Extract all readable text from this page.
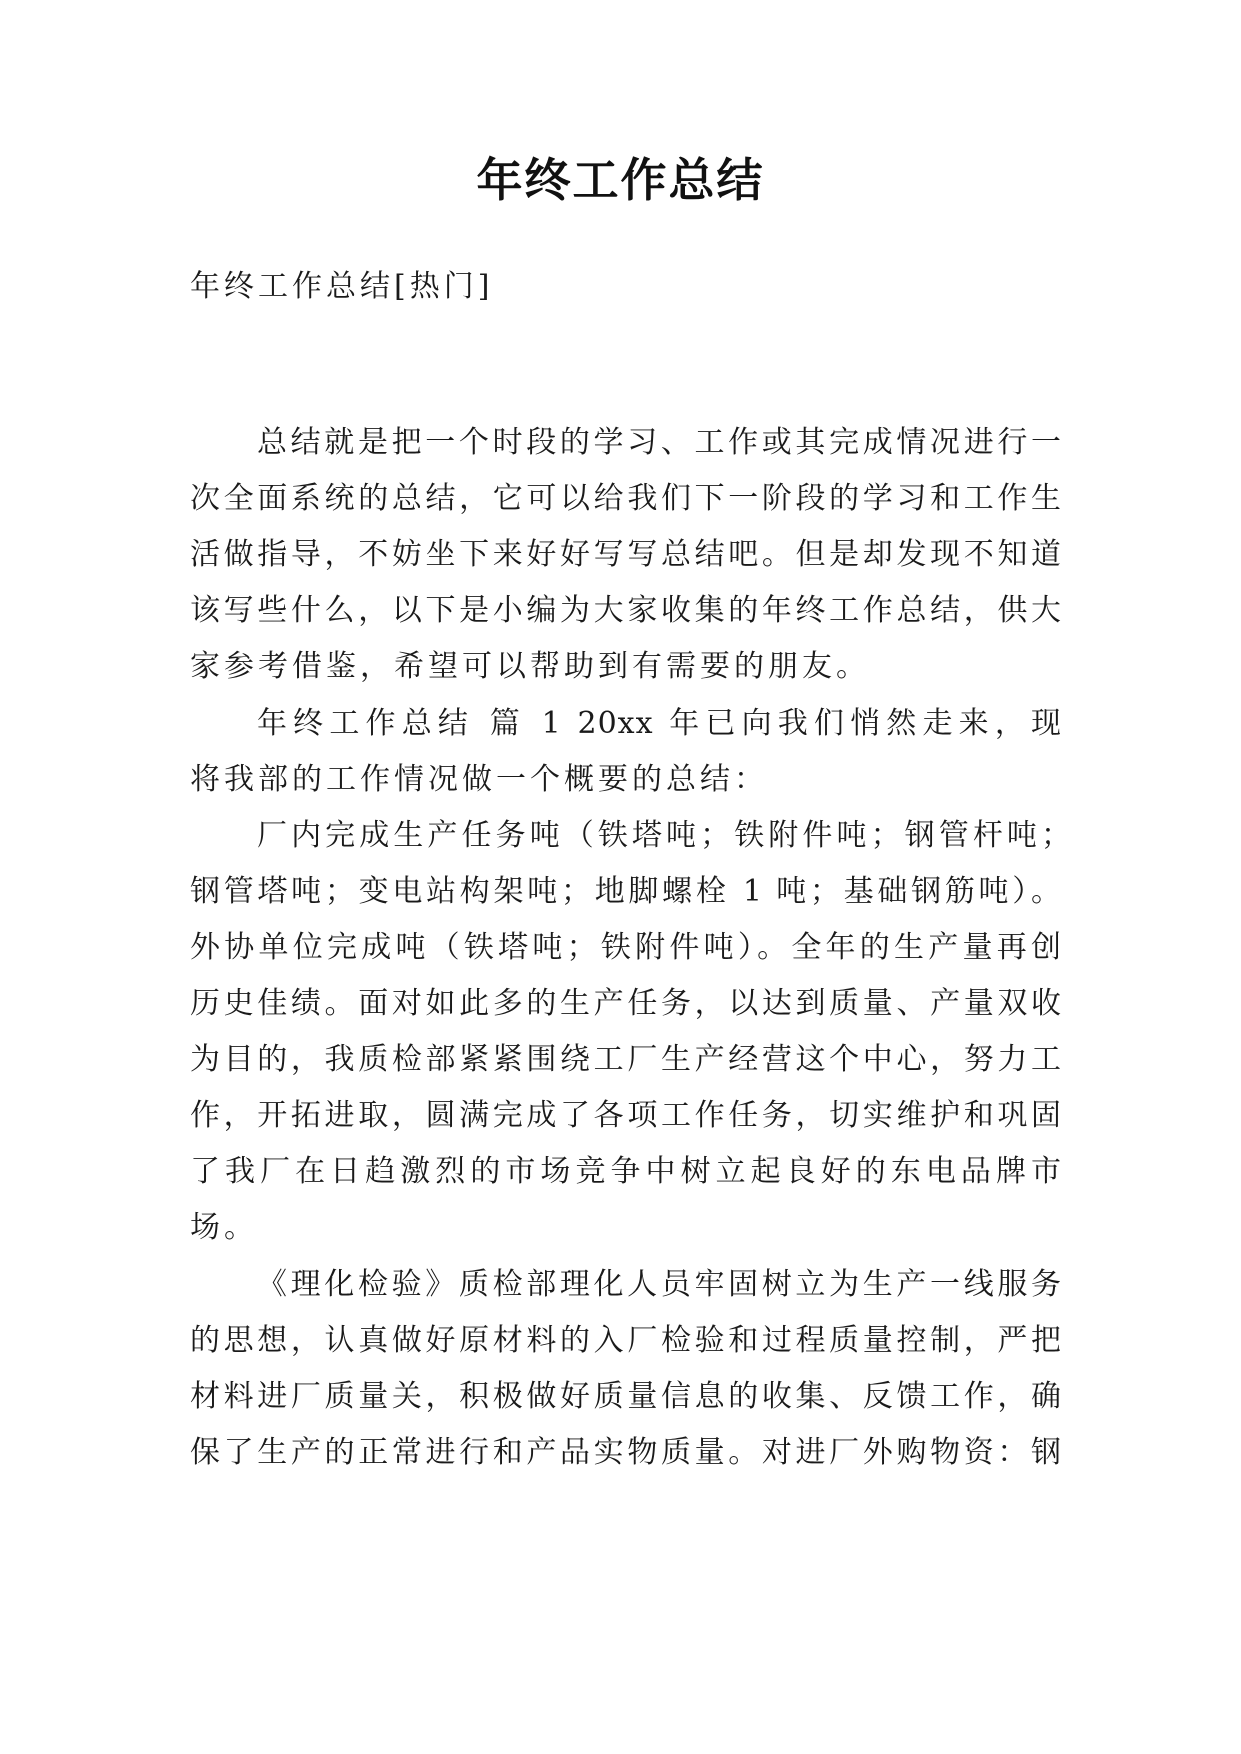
年终工作总结

年终工作总结[热门]

总结就是把一个时段的学习、工作或其完成情况进行一
次全面系统的总结，它可以给我们下一阶段的学习和工作生
活做指导，不妨坐下来好好写写总结吧。但是却发现不知道
该写些什么，以下是小编为大家收集的年终工作总结，供大
家参考借鉴，希望可以帮助到有需要的朋友。
年终工作总结 篇 1 20xx 年已向我们悄然走来，现
将我部的工作情况做一个概要的总结：
厂内完成生产任务吨（铁塔吨；铁附件吨；钢管杆吨；
钢管塔吨；变电站构架吨；地脚螺栓 1 吨；基础钢筋吨）。
外协单位完成吨（铁塔吨；铁附件吨）。全年的生产量再创
历史佳绩。面对如此多的生产任务，以达到质量、产量双收
为目的，我质检部紧紧围绕工厂生产经营这个中心，努力工
作，开拓进取，圆满完成了各项工作任务，切实维护和巩固
了我厂在日趋激烈的市场竞争中树立起良好的东电品牌市
场。
《理化检验》质检部理化人员牢固树立为生产一线服务
的思想，认真做好原材料的入厂检验和过程质量控制，严把
材料进厂质量关，积极做好质量信息的收集、反馈工作，确
保了生产的正常进行和产品实物质量。对进厂外购物资：钢
